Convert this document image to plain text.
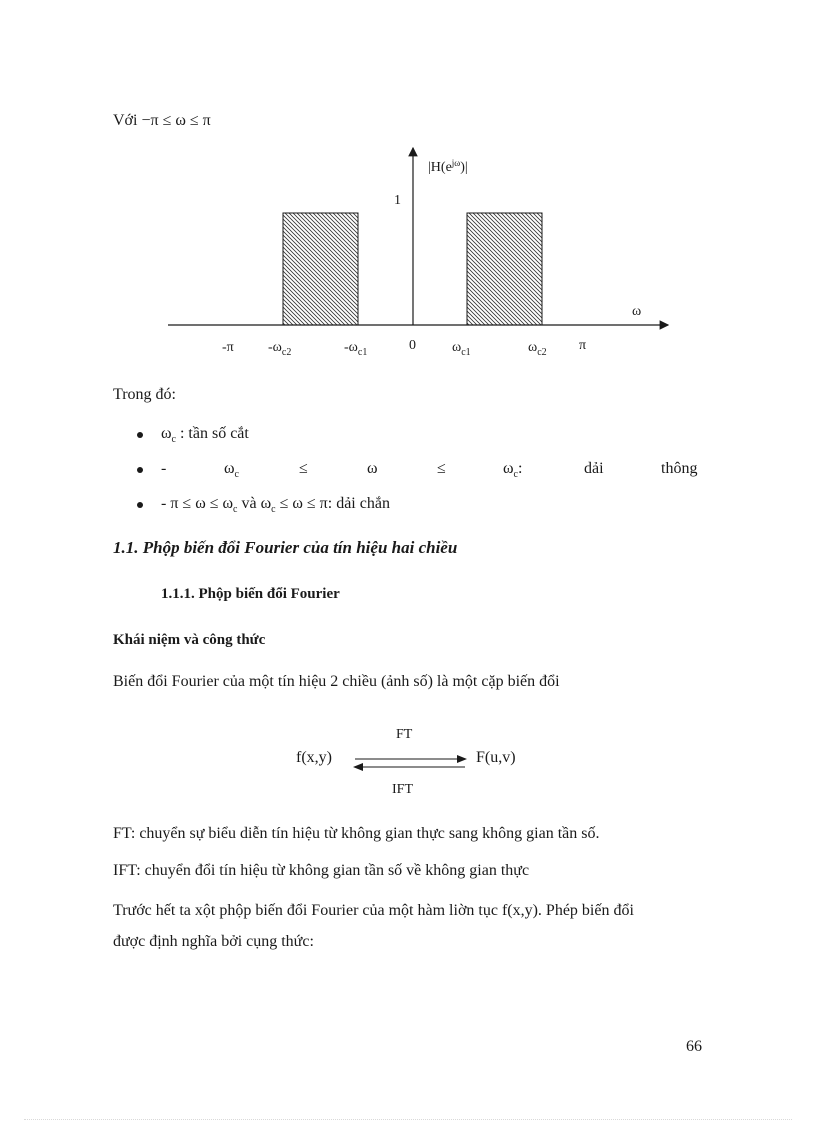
Với −π ≤ ω ≤ π
$|H(e^{j\omega})|$
1
ω
-π $-\omega_{c2}$	$-\omega_{c1}$	0	$\omega_{c1}$	$\omega_{c2}$ π
Trong đó:
$\omega_c$ : tần số cắt
-	$\omega_c$	≤	ω	≤	$\omega_c$:	dải	thông
- $\pi \le \omega \le \omega_c$ và $\omega_c \le \omega \le \pi$: dải chắn
1.1. Phộp biến đổi Fourier của tín hiệu hai chiều
1.1.1. Phộp biến đổi Fourier
Khái niệm và công thức
Biến đổi Fourier của một tín hiệu 2 chiều (ảnh số) là một cặp biến đổi
f(x,y)	F(u,v)
FT
IFT
FT: chuyển sự biểu diễn tín hiệu từ không gian thực sang không gian tần số.
IFT: chuyển đổi tín hiệu từ không gian tần số về không gian thực
Trước hết ta xột phộp biến đổi Fourier của một hàm liờn tục f(x,y). Phép biến đổi
được định nghĩa bởi cụng thức:
66
